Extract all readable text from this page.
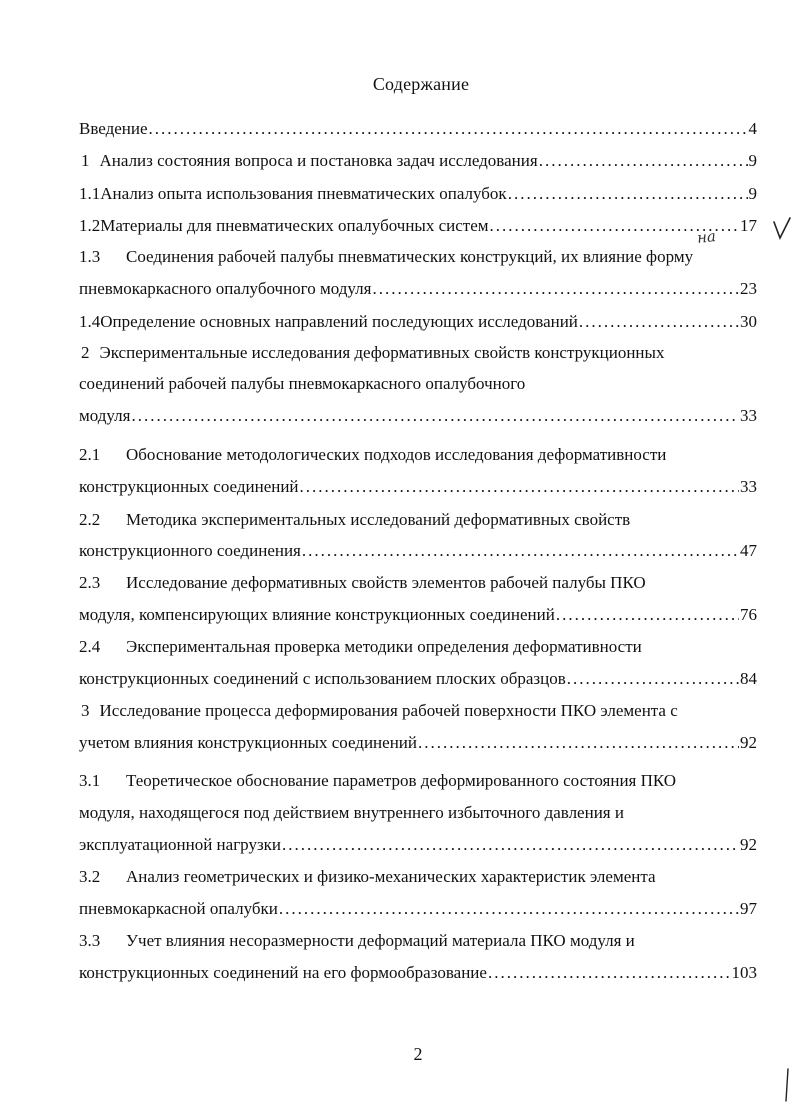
Содержание
Введение .....	4
1 Анализ состояния вопроса и постановка задач исследования .....	9
1.1 Анализ опыта использования пневматических опалубок .....	9
1.2 Материалы для пневматических опалубочных систем .....	17
на
1.3 Соединения рабочей палубы пневматических конструкций, их влияние форму
пневмокаркасного опалубочного модуля .....	23
1.4 Определение основных направлений последующих исследований .....	30
2 Экспериментальные исследования деформативных свойств конструкционных
соединений рабочей палубы пневмокаркасного опалубочного
модуля .....	33
2.1 Обоснование методологических подходов исследования деформативности
конструкционных соединений .....	33
2.2 Методика экспериментальных исследований деформативных свойств
конструкционного соединения .....	47
2.3 Исследование деформативных свойств элементов рабочей палубы ПКО
модуля, компенсирующих влияние конструкционных соединений .....	76
2.4 Экспериментальная проверка методики определения деформативности
конструкционных соединений с использованием плоских образцов .....	84
3 Исследование процесса деформирования рабочей поверхности ПКО элемента с
учетом влияния конструкционных соединений .....	92
3.1 Теоретическое обоснование параметров деформированного состояния ПКО
модуля, находящегося под действием внутреннего избыточного давления и
эксплуатационной нагрузки .....	92
3.2 Анализ геометрических и физико-механических характеристик элемента
пневмокаркасной опалубки .....	97
3.3 Учет влияния несоразмерности деформаций материала ПКО модуля и
конструкционных соединений на его формообразование .....	103
2
